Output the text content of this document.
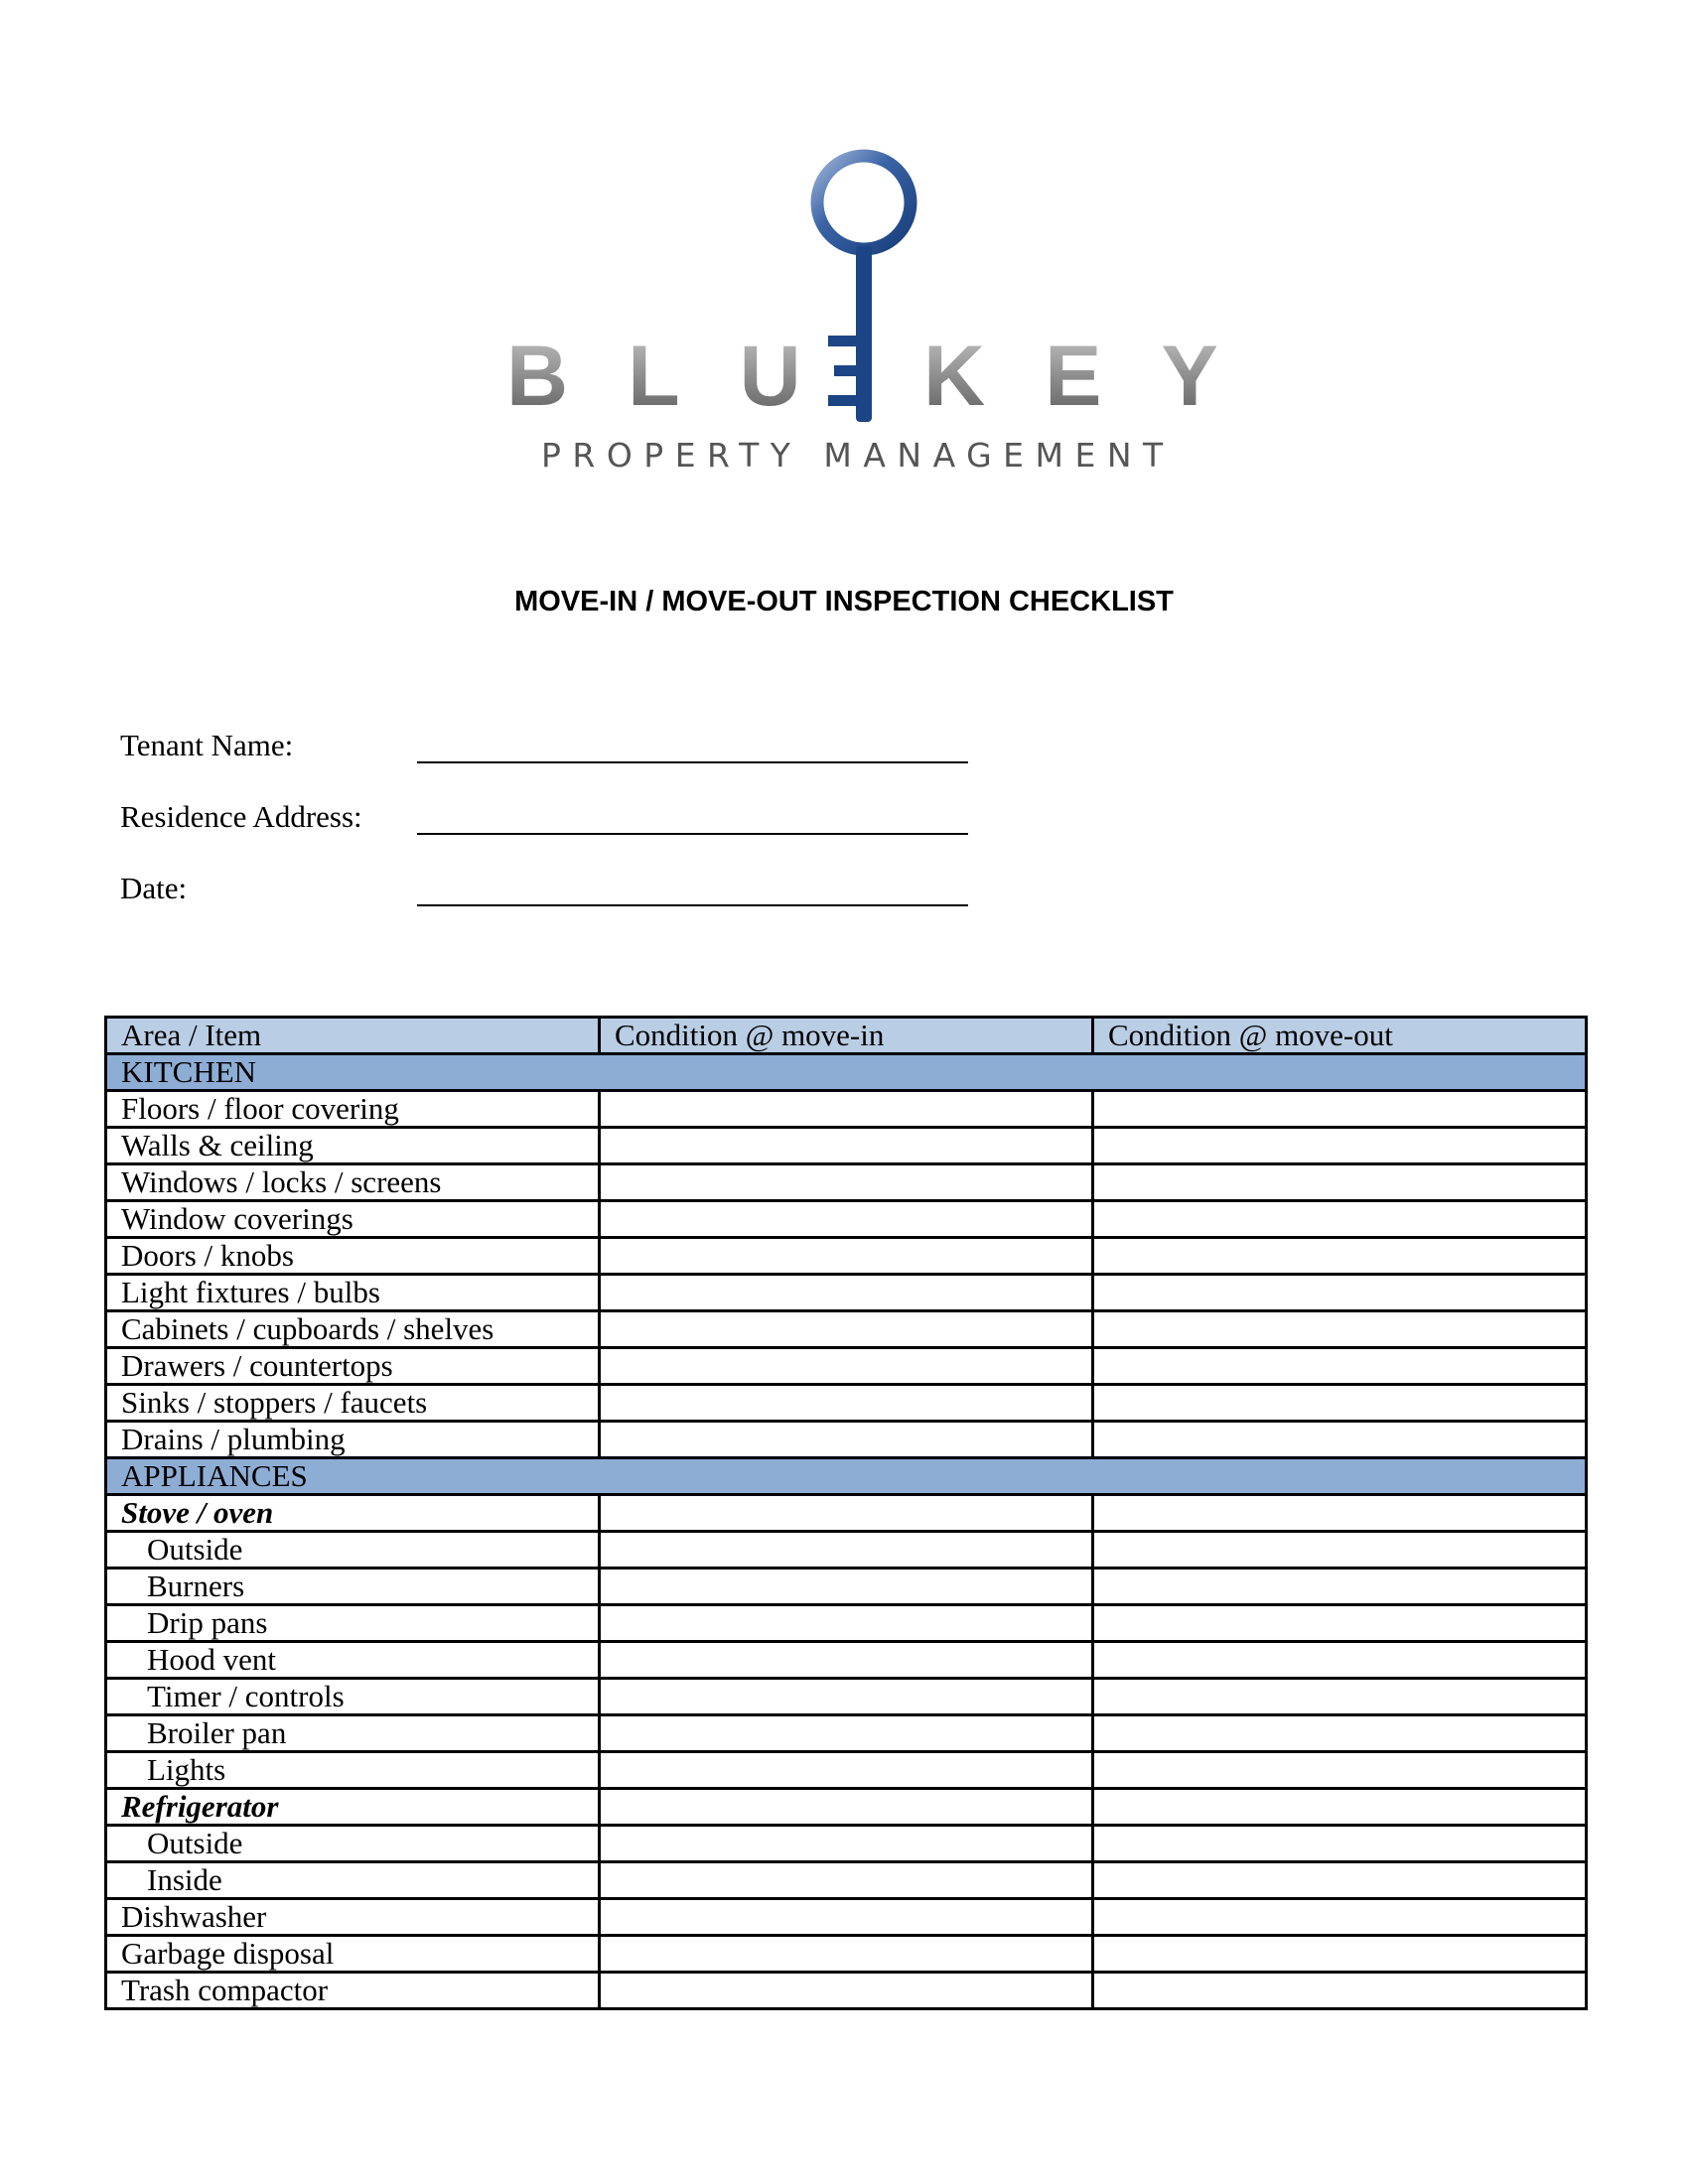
BLU KEY
PROPERTY MANAGEMENT
MOVE-IN / MOVE-OUT INSPECTION CHECKLIST
Tenant Name:
Residence Address:
Date:
Area / Item	Condition @ move-in	Condition @ move-out
KITCHEN		
Floors / floor covering		
Walls & ceiling		
Windows / locks / screens		
Window coverings		
Doors / knobs		
Light fixtures / bulbs		
Cabinets / cupboards / shelves		
Drawers / countertops		
Sinks / stoppers / faucets		
Drains / plumbing		
APPLIANCES		
Stove / oven		
Outside		
Burners		
Drip pans		
Hood vent		
Timer / controls		
Broiler pan		
Lights		
Refrigerator		
Outside		
Inside		
Dishwasher		
Garbage disposal		
Trash compactor		
